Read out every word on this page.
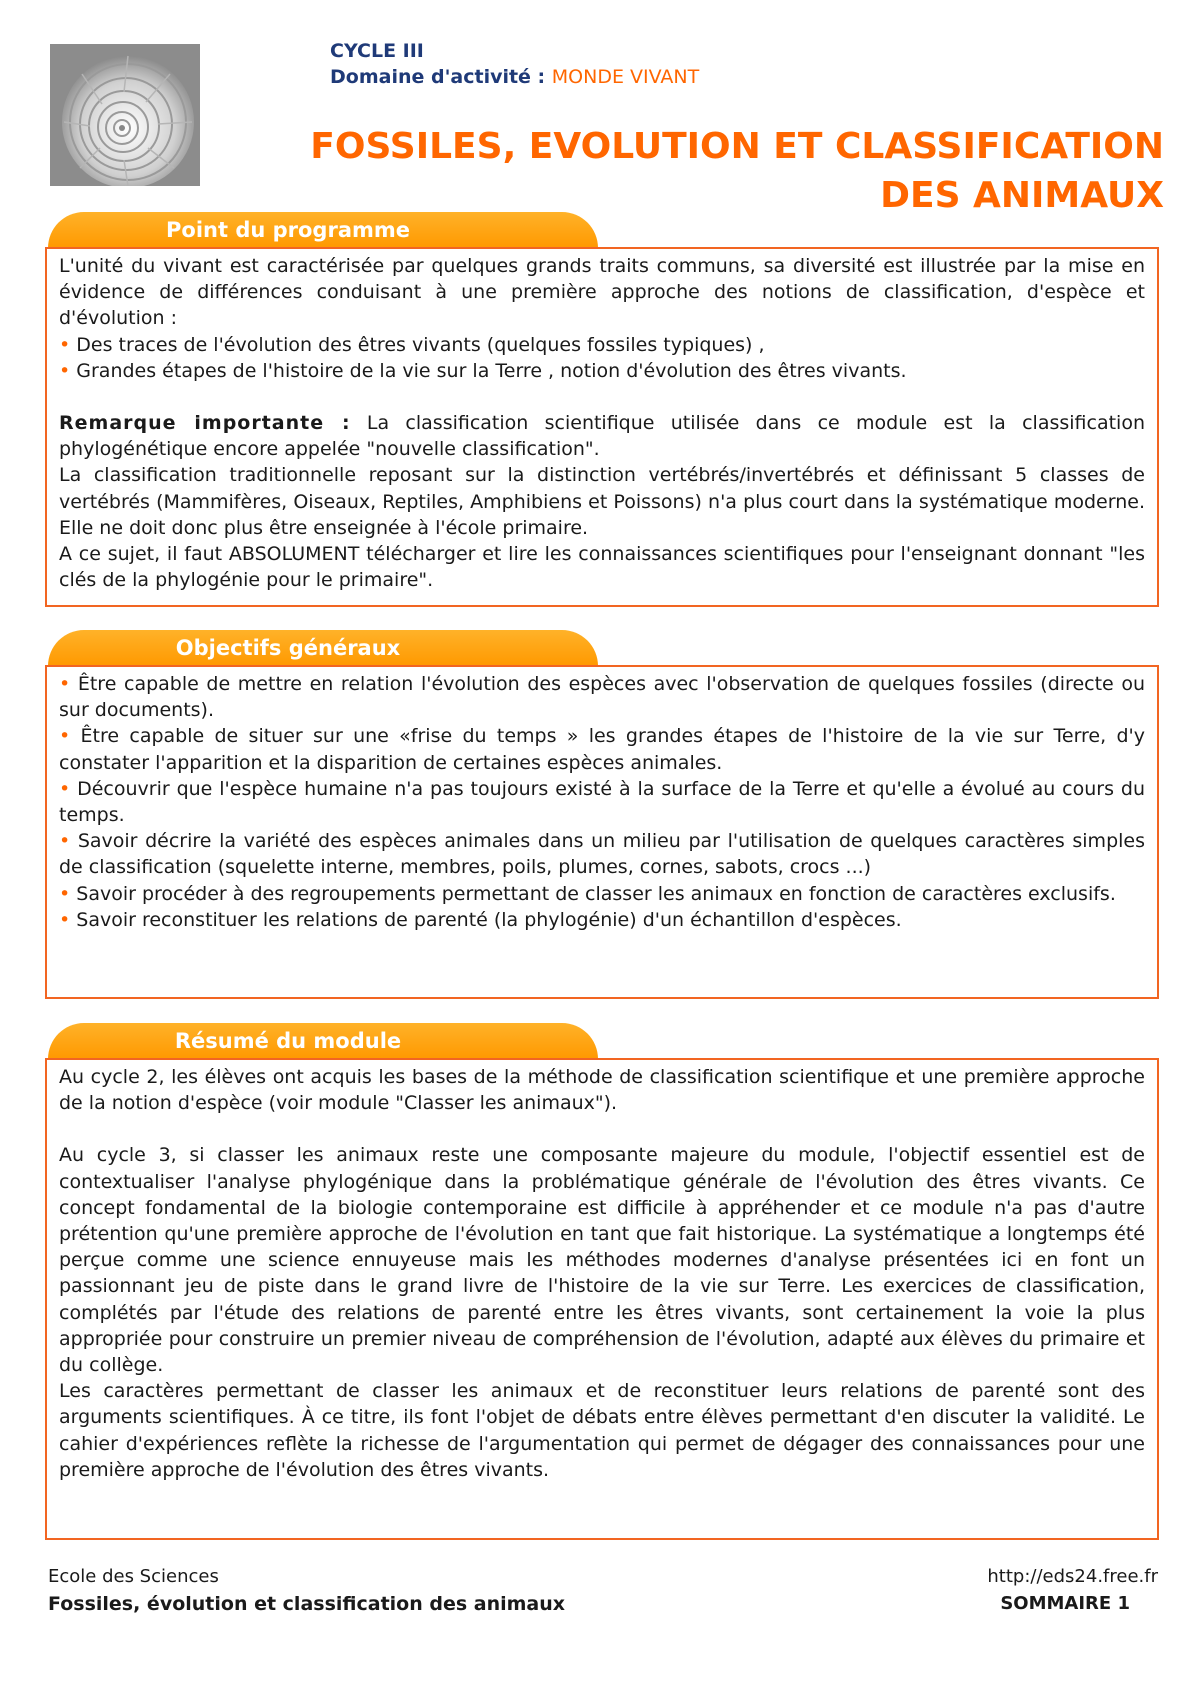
CYCLE III
Domaine d'activité : MONDE VIVANT
FOSSILES, EVOLUTION ET CLASSIFICATION
DES ANIMAUX
Point du programme

L'unité du vivant est caractérisée par quelques grands traits communs, sa diversité est illustrée par la mise en évidence de différences conduisant à une première approche des notions de classification, d'espèce et d'évolution :

• Des traces de l'évolution des êtres vivants (quelques fossiles typiques) ,

• Grandes étapes de l'histoire de la vie sur la Terre , notion d'évolution des êtres vivants.

Remarque importante : La classification scientifique utilisée dans ce module est la classification phylogénétique encore appelée "nouvelle classification".

La classification traditionnelle reposant sur la distinction vertébrés/invertébrés et définissant 5 classes de vertébrés (Mammifères, Oiseaux, Reptiles, Amphibiens et Poissons) n'a plus court dans la systématique moderne. Elle ne doit donc plus être enseignée à l'école primaire.

A ce sujet, il faut ABSOLUMENT télécharger et lire les connaissances scientifiques pour l'enseignant donnant "les clés de la phylogénie pour le primaire".

Objectifs généraux

• Être capable de mettre en relation l'évolution des espèces avec l'observation de quelques fossiles (directe ou sur documents).

• Être capable de situer sur une «frise du temps » les grandes étapes de l'histoire de la vie sur Terre, d'y constater l'apparition et la disparition de certaines espèces animales.

• Découvrir que l'espèce humaine n'a pas toujours existé à la surface de la Terre et qu'elle a évolué au cours du temps.

• Savoir décrire la variété des espèces animales dans un milieu par l'utilisation de quelques caractères simples de classification (squelette interne, membres, poils, plumes, cornes, sabots, crocs ...)

• Savoir procéder à des regroupements permettant de classer les animaux en fonction de caractères exclusifs.

• Savoir reconstituer les relations de parenté (la phylogénie) d'un échantillon d'espèces.

Résumé du module

Au cycle 2, les élèves ont acquis les bases de la méthode de classification scientifique et une première approche de la notion d'espèce (voir module "Classer les animaux").

Au cycle 3, si classer les animaux reste une composante majeure du module, l'objectif essentiel est de contextualiser l'analyse phylogénique dans la problématique générale de l'évolution des êtres vivants. Ce concept fondamental de la biologie contemporaine est difficile à appréhender et ce module n'a pas d'autre prétention qu'une première approche de l'évolution en tant que fait historique. La systématique a longtemps été perçue comme une science ennuyeuse mais les méthodes modernes d'analyse présentées ici en font un passionnant jeu de piste dans le grand livre de l'histoire de la vie sur Terre. Les exercices de classification, complétés par l'étude des relations de parenté entre les êtres vivants, sont certainement la voie la plus appropriée pour construire un premier niveau de compréhension de l'évolution, adapté aux élèves du primaire et du collège.

Les caractères permettant de classer les animaux et de reconstituer leurs relations de parenté sont des arguments scientifiques. À ce titre, ils font l'objet de débats entre élèves permettant d'en discuter la validité. Le cahier d'expériences reflète la richesse de l'argumentation qui permet de dégager des connaissances pour une première approche de l'évolution des êtres vivants.

Ecole des Sciences
Fossiles, évolution et classification des animaux
http://eds24.free.fr
SOMMAIRE 1
